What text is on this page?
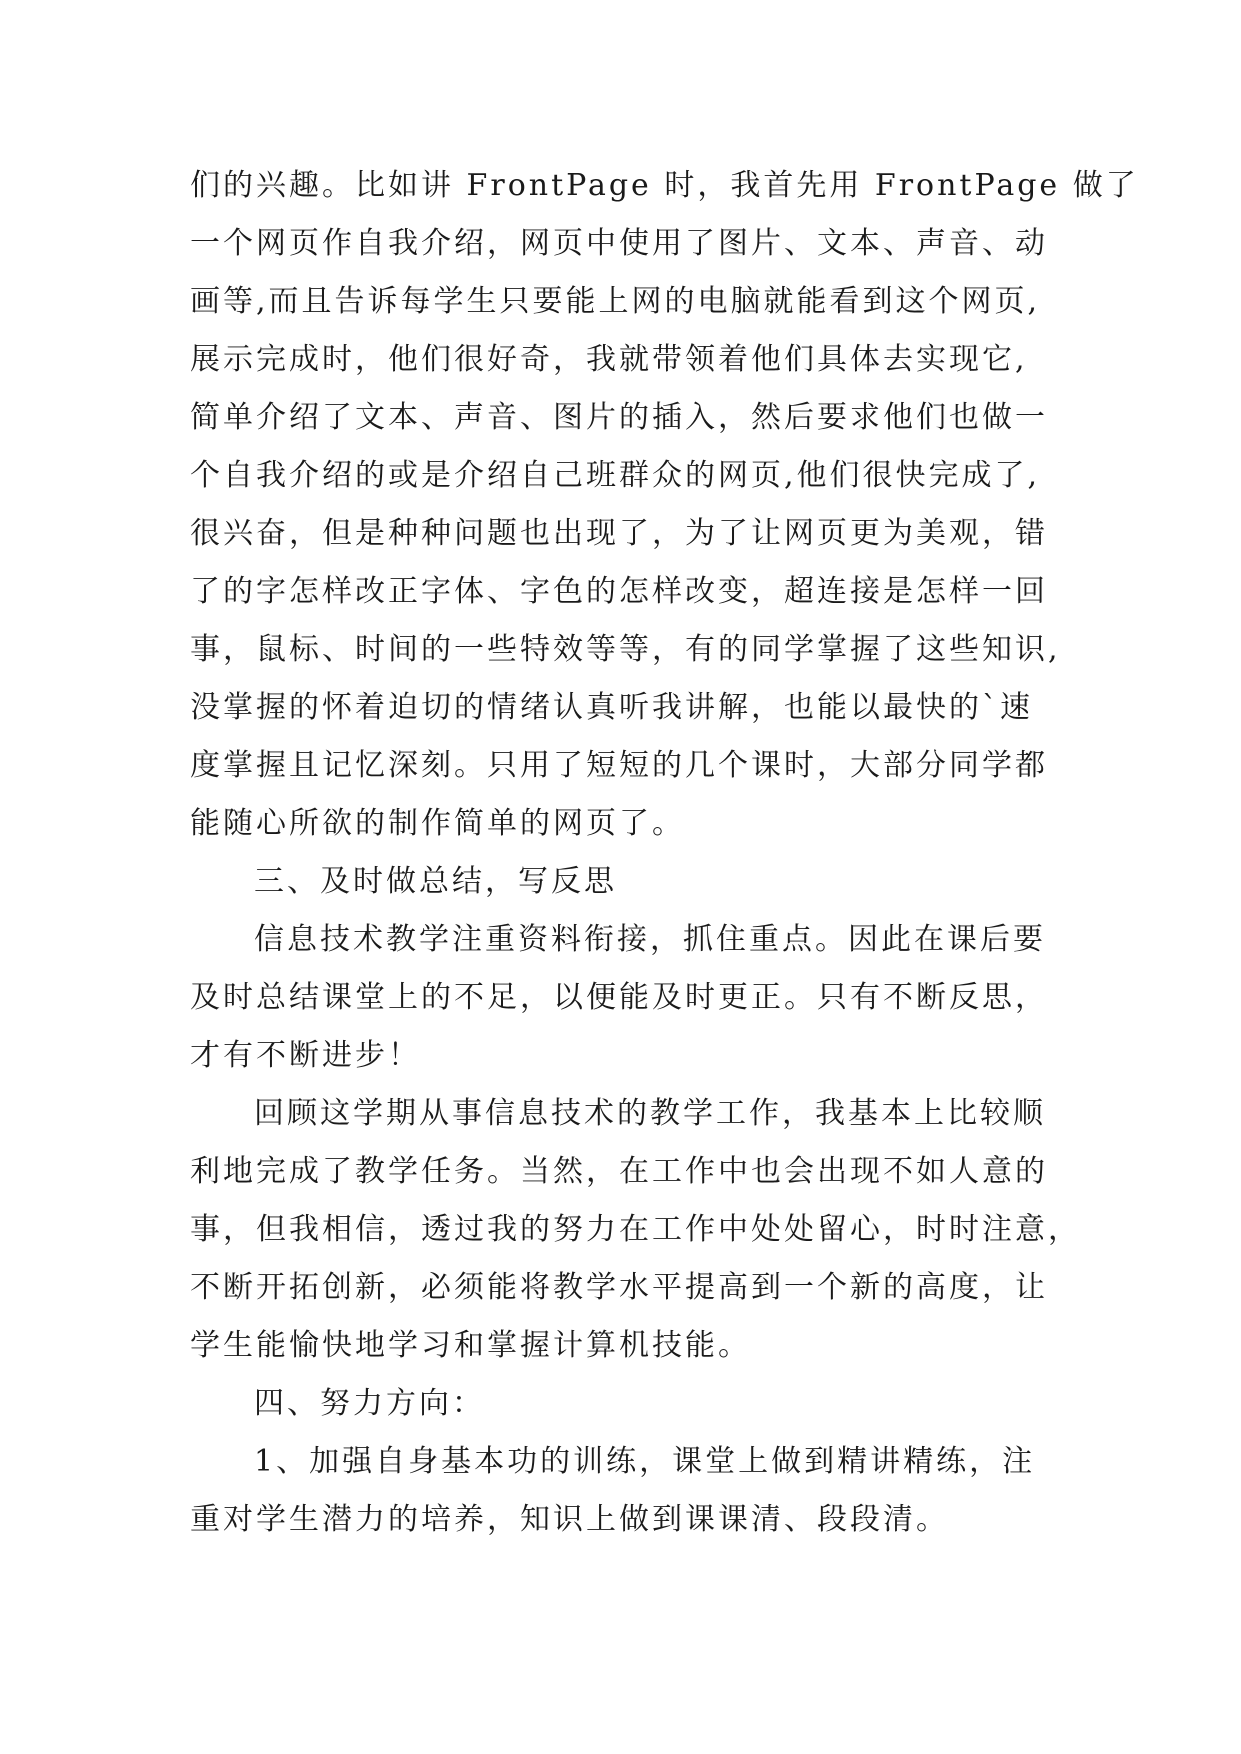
们的兴趣。比如讲 FrontPage 时，我首先用 FrontPage 做了
一个网页作自我介绍，网页中使用了图片、文本、声音、动
画等,而且告诉每学生只要能上网的电脑就能看到这个网页,
展示完成时，他们很好奇，我就带领着他们具体去实现它,
简单介绍了文本、声音、图片的插入，然后要求他们也做一
个自我介绍的或是介绍自己班群众的网页,他们很快完成了,
很兴奋，但是种种问题也出现了，为了让网页更为美观，错
了的字怎样改正字体、字色的怎样改变，超连接是怎样一回
事，鼠标、时间的一些特效等等，有的同学掌握了这些知识,
没掌握的怀着迫切的情绪认真听我讲解，也能以最快的`速
度掌握且记忆深刻。只用了短短的几个课时，大部分同学都
能随心所欲的制作简单的网页了。
三、及时做总结，写反思
信息技术教学注重资料衔接，抓住重点。因此在课后要
及时总结课堂上的不足，以便能及时更正。只有不断反思，
才有不断进步！
回顾这学期从事信息技术的教学工作，我基本上比较顺
利地完成了教学任务。当然，在工作中也会出现不如人意的
事，但我相信，透过我的努力在工作中处处留心，时时注意，
不断开拓创新，必须能将教学水平提高到一个新的高度，让
学生能愉快地学习和掌握计算机技能。
四、努力方向：
1、加强自身基本功的训练，课堂上做到精讲精练，注
重对学生潜力的培养，知识上做到课课清、段段清。
